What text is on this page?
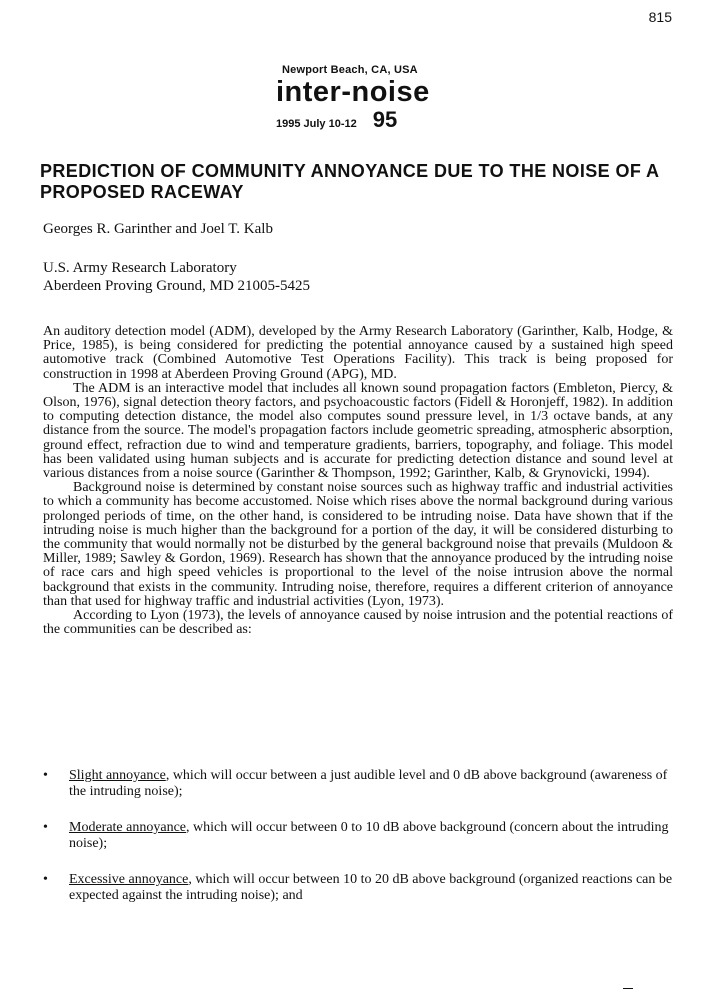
815
Newport Beach, CA, USA
inter-noise
1995 July 10-12 95
PREDICTION OF COMMUNITY ANNOYANCE DUE TO THE NOISE OF A PROPOSED RACEWAY
Georges R. Garinther and Joel T. Kalb
U.S. Army Research Laboratory
Aberdeen Proving Ground, MD 21005-5425

An auditory detection model (ADM), developed by the Army Research Laboratory (Garinther, Kalb, Hodge, & Price, 1985), is being considered for predicting the potential annoyance caused by a sustained high speed automotive track (Combined Automotive Test Operations Facility). This track is being proposed for construction in 1998 at Aberdeen Proving Ground (APG), MD.

The ADM is an interactive model that includes all known sound propagation factors (Embleton, Piercy, & Olson, 1976), signal detection theory factors, and psychoacoustic factors (Fidell & Horonjeff, 1982). In addition to computing detection distance, the model also computes sound pressure level, in 1/3 octave bands, at any distance from the source. The model's propagation factors include geometric spreading, atmospheric absorption, ground effect, refraction due to wind and temperature gradients, barriers, topography, and foliage. This model has been validated using human subjects and is accurate for predicting detection distance and sound level at various distances from a noise source (Garinther & Thompson, 1992; Garinther, Kalb, & Grynovicki, 1994).

Background noise is determined by constant noise sources such as highway traffic and industrial activities to which a community has become accustomed. Noise which rises above the normal background during various prolonged periods of time, on the other hand, is considered to be intruding noise. Data have shown that if the intruding noise is much higher than the background for a portion of the day, it will be considered disturbing to the community that would normally not be disturbed by the general background noise that prevails (Muldoon & Miller, 1989; Sawley & Gordon, 1969). Research has shown that the annoyance produced by the intruding noise of race cars and high speed vehicles is proportional to the level of the noise intrusion above the normal background that exists in the community. Intruding noise, therefore, requires a different criterion of annoyance than that used for highway traffic and industrial activities (Lyon, 1973).

According to Lyon (1973), the levels of annoyance caused by noise intrusion and the potential reactions of the communities can be described as:

• Slight annoyance, which will occur between a just audible level and 0 dB above background (awareness of the intruding noise);
• Moderate annoyance, which will occur between 0 to 10 dB above background (concern about the intruding noise);
• Excessive annoyance, which will occur between 10 to 20 dB above background (organized reactions can be expected against the intruding noise); and
